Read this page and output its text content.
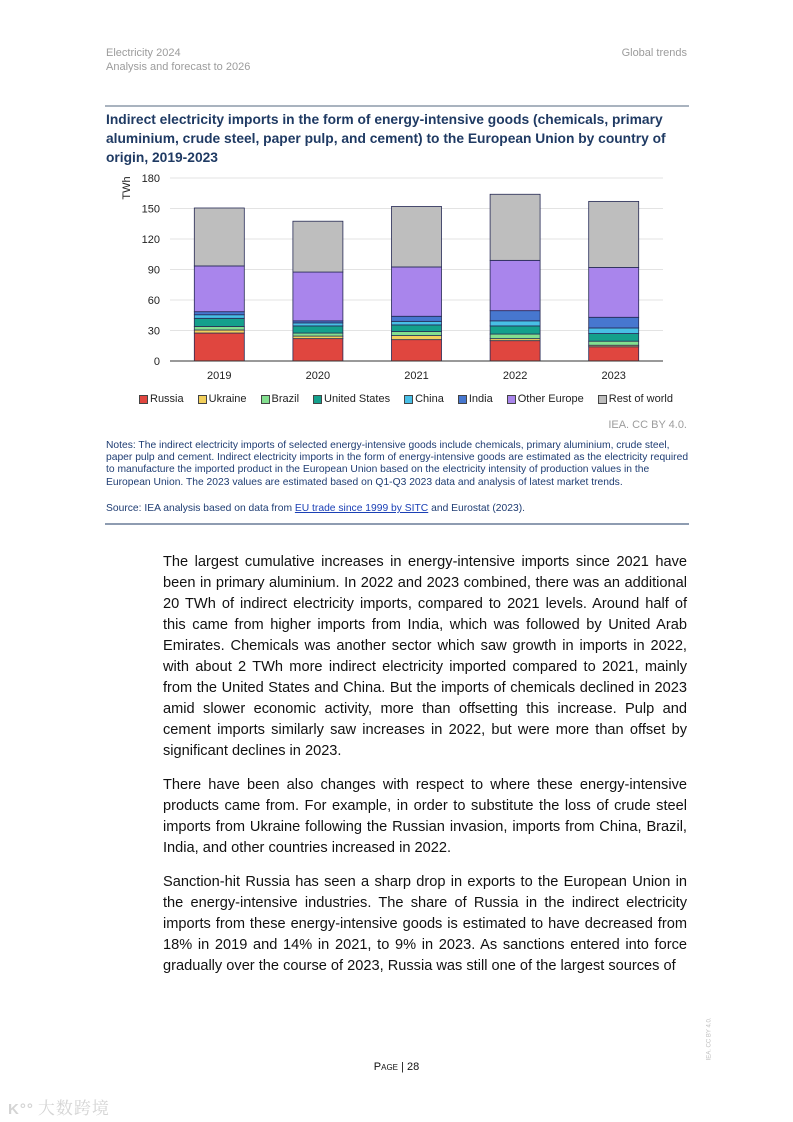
Electricity 2024
Analysis and forecast to 2026
Global trends
Indirect electricity imports in the form of energy-intensive goods (chemicals, primary aluminium, crude steel, paper pulp, and cement) to the European Union by country of origin, 2019-2023
0
30
60
90
120
150
180
TWh
2019	2020	2021	2022	2023
Russia Ukraine Brazil United States China India Other Europe Rest of world
IEA. CC BY 4.0.
Notes: The indirect electricity imports of selected energy-intensive goods include chemicals, primary aluminium, crude steel, paper pulp and cement. Indirect electricity imports in the form of energy-intensive goods are estimated as the electricity required to manufacture the imported product in the European Union based on the electricity intensity of production values in the European Union. The 2023 values are estimated based on Q1-Q3 2023 data and analysis of latest market trends.
Source: IEA analysis based on data from EU trade since 1999 by SITC and Eurostat (2023).

The largest cumulative increases in energy-intensive imports since 2021 have been in primary aluminium. In 2022 and 2023 combined, there was an additional 20 TWh of indirect electricity imports, compared to 2021 levels. Around half of this came from higher imports from India, which was followed by United Arab Emirates. Chemicals was another sector which saw growth in imports in 2022, with about 2 TWh more indirect electricity imported compared to 2021, mainly from the United States and China. But the imports of chemicals declined in 2023 amid slower economic activity, more than offsetting this increase. Pulp and cement imports similarly saw increases in 2022, but were more than offset by significant declines in 2023.

There have been also changes with respect to where these energy-intensive products came from. For example, in order to substitute the loss of crude steel imports from Ukraine following the Russian invasion, imports from China, Brazil, India, and other countries increased in 2022.

Sanction-hit Russia has seen a sharp drop in exports to the European Union in the energy-intensive industries. The share of Russia in the indirect electricity imports from these energy-intensive goods is estimated to have decreased from 18% in 2019 and 14% in 2021, to 9% in 2023. As sanctions entered into force gradually over the course of 2023, Russia was still one of the largest sources of

Page | 28
IEA. CC BY 4.0.
K°° 大数跨境
